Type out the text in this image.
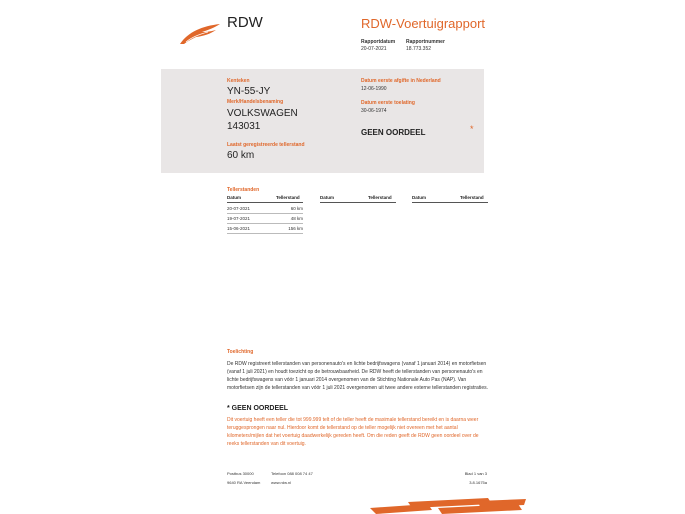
RDW	RDW-Voertuigrapport
Rapportdatum
20-07-2021
Rapportnummer
18.773.352
Kenteken
YN-55-JY
Merk/Handelsbenaming
VOLKSWAGEN
143031
Laatst geregistreerde tellerstand
60 km
Datum eerste afgifte in Nederland
12-06-1990
Datum eerste toelating
30-06-1974
GEEN OORDEEL	*
Tellerstanden
Datum	Tellerstand	Datum	Tellerstand	Datum	Tellerstand
20-07-2021	60 km
19-07-2021	48 km
15-06-2021	156 km
Toelichting
De RDW registreert tellerstanden van personenauto's en lichte bedrijfswagens (vanaf 1 januari 2014) en motorfietsen (vanaf 1 juli 2021) en houdt toezicht op de betrouwbaarheid. De RDW heeft de tellerstanden van personenauto's en lichte bedrijfswagens van vóór 1 januari 2014 overgenomen van de Stichting Nationale Auto Pas (NAP). Van motorfietsen zijn de tellerstanden van vóór 1 juli 2021 overgenomen uit twee andere externe tellerstanden registraties.
* GEEN OORDEEL
Dit voertuig heeft een teller die tot 999.999 telt of de teller heeft de maximale tellerstand bereikt en is daarna weer teruggesprongen naar nul. Hierdoor komt de tellerstand op de teller mogelijk niet overeen met het aantal kilometers/mijlen dat het voertuig daadwerkelijk gereden heeft. Om die reden geeft de RDW geen oordeel over de reeks tellerstanden van dit voertuig.
Postbus 30000
9640 RA Veendam
Telefoon 088 008 74 47
www.rdw.nl
Blad 1 van 3
3.8.1675a
